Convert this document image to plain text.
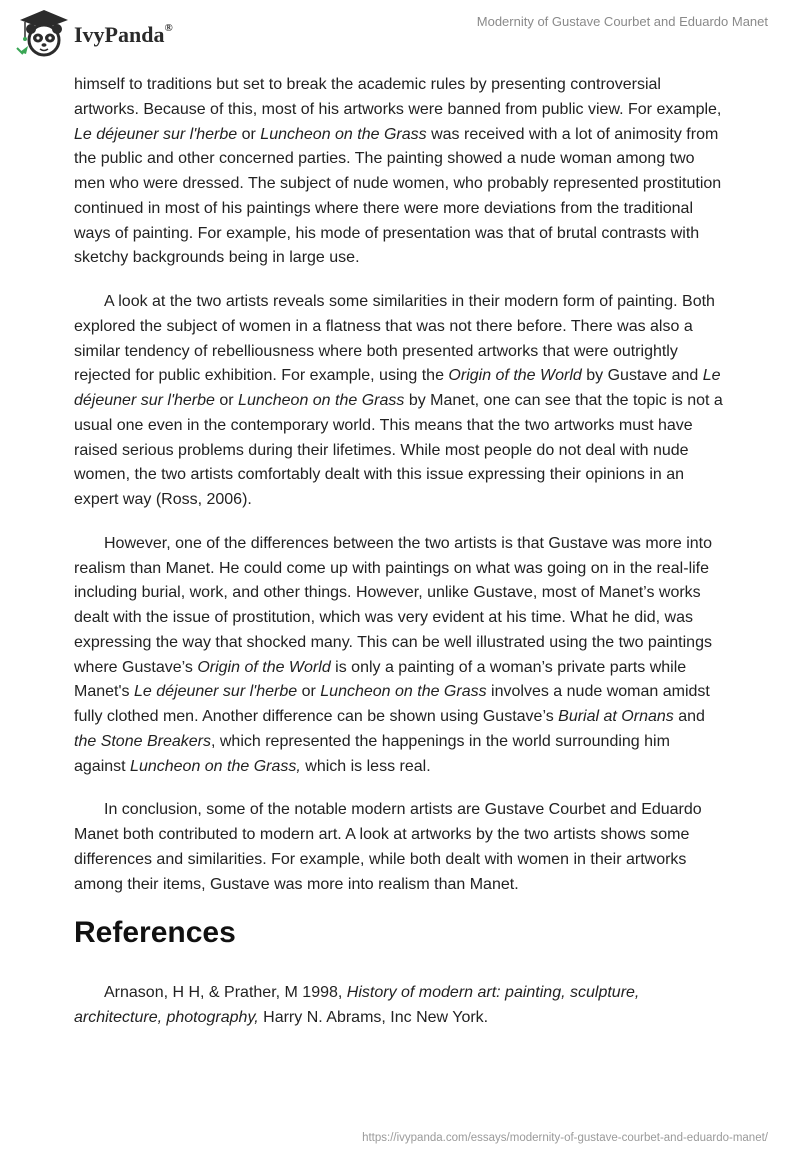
IvyPanda®	Modernity of Gustave Courbet and Eduardo Manet

himself to traditions but set to break the academic rules by presenting controversial artworks. Because of this, most of his artworks were banned from public view. For example, Le déjeuner sur l'herbe or Luncheon on the Grass was received with a lot of animosity from the public and other concerned parties. The painting showed a nude woman among two men who were dressed. The subject of nude women, who probably represented prostitution continued in most of his paintings where there were more deviations from the traditional ways of painting. For example, his mode of presentation was that of brutal contrasts with sketchy backgrounds being in large use.

A look at the two artists reveals some similarities in their modern form of painting. Both explored the subject of women in a flatness that was not there before. There was also a similar tendency of rebelliousness where both presented artworks that were outrightly rejected for public exhibition. For example, using the Origin of the World by Gustave and Le déjeuner sur l'herbe or Luncheon on the Grass by Manet, one can see that the topic is not a usual one even in the contemporary world. This means that the two artworks must have raised serious problems during their lifetimes. While most people do not deal with nude women, the two artists comfortably dealt with this issue expressing their opinions in an expert way (Ross, 2006).

However, one of the differences between the two artists is that Gustave was more into realism than Manet. He could come up with paintings on what was going on in the real-life including burial, work, and other things. However, unlike Gustave, most of Manet’s works dealt with the issue of prostitution, which was very evident at his time. What he did, was expressing the way that shocked many. This can be well illustrated using the two paintings where Gustave’s Origin of the World is only a painting of a woman’s private parts while Manet's Le déjeuner sur l'herbe or Luncheon on the Grass involves a nude woman amidst fully clothed men. Another difference can be shown using Gustave’s Burial at Ornans and the Stone Breakers, which represented the happenings in the world surrounding him against Luncheon on the Grass, which is less real.

In conclusion, some of the notable modern artists are Gustave Courbet and Eduardo Manet both contributed to modern art. A look at artworks by the two artists shows some differences and similarities. For example, while both dealt with women in their artworks among their items, Gustave was more into realism than Manet.

References

Arnason, H H, & Prather, M 1998, History of modern art: painting, sculpture, architecture, photography, Harry N. Abrams, Inc New York.

https://ivypanda.com/essays/modernity-of-gustave-courbet-and-eduardo-manet/
